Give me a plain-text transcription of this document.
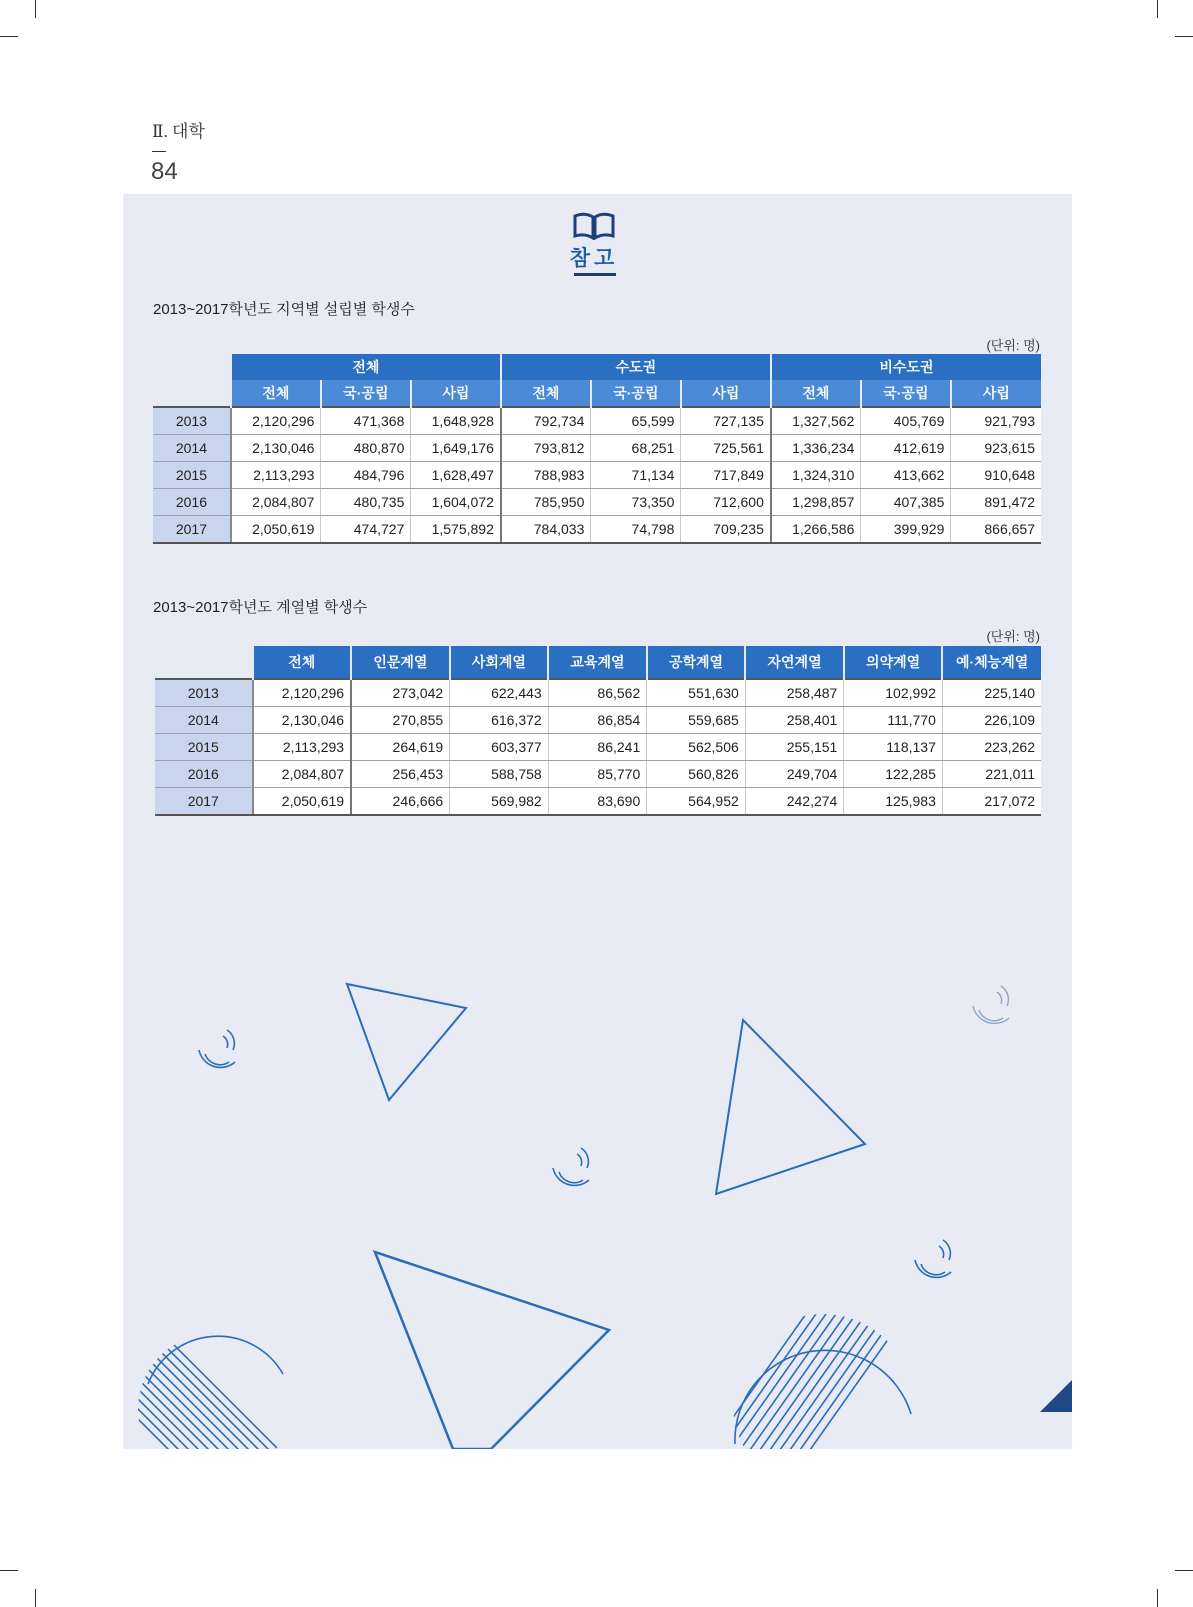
Ⅱ. 대학
84
참고
2013~2017학년도 지역별 설립별 학생수
(단위: 명)
	전체			수도권			비수도권		
	전체	국·공립	사립	전체	국·공립	사립	전체	국·공립	사립
2013	2,120,296	471,368	1,648,928	792,734	65,599	727,135	1,327,562	405,769	921,793
2014	2,130,046	480,870	1,649,176	793,812	68,251	725,561	1,336,234	412,619	923,615
2015	2,113,293	484,796	1,628,497	788,983	71,134	717,849	1,324,310	413,662	910,648
2016	2,084,807	480,735	1,604,072	785,950	73,350	712,600	1,298,857	407,385	891,472
2017	2,050,619	474,727	1,575,892	784,033	74,798	709,235	1,266,586	399,929	866,657
2013~2017학년도 계열별 학생수
(단위: 명)
	전체	인문계열	사회계열	교육계열	공학계열	자연계열	의약계열	예·체능계열
2013	2,120,296	273,042	622,443	86,562	551,630	258,487	102,992	225,140
2014	2,130,046	270,855	616,372	86,854	559,685	258,401	111,770	226,109
2015	2,113,293	264,619	603,377	86,241	562,506	255,151	118,137	223,262
2016	2,084,807	256,453	588,758	85,770	560,826	249,704	122,285	221,011
2017	2,050,619	246,666	569,982	83,690	564,952	242,274	125,983	217,072
